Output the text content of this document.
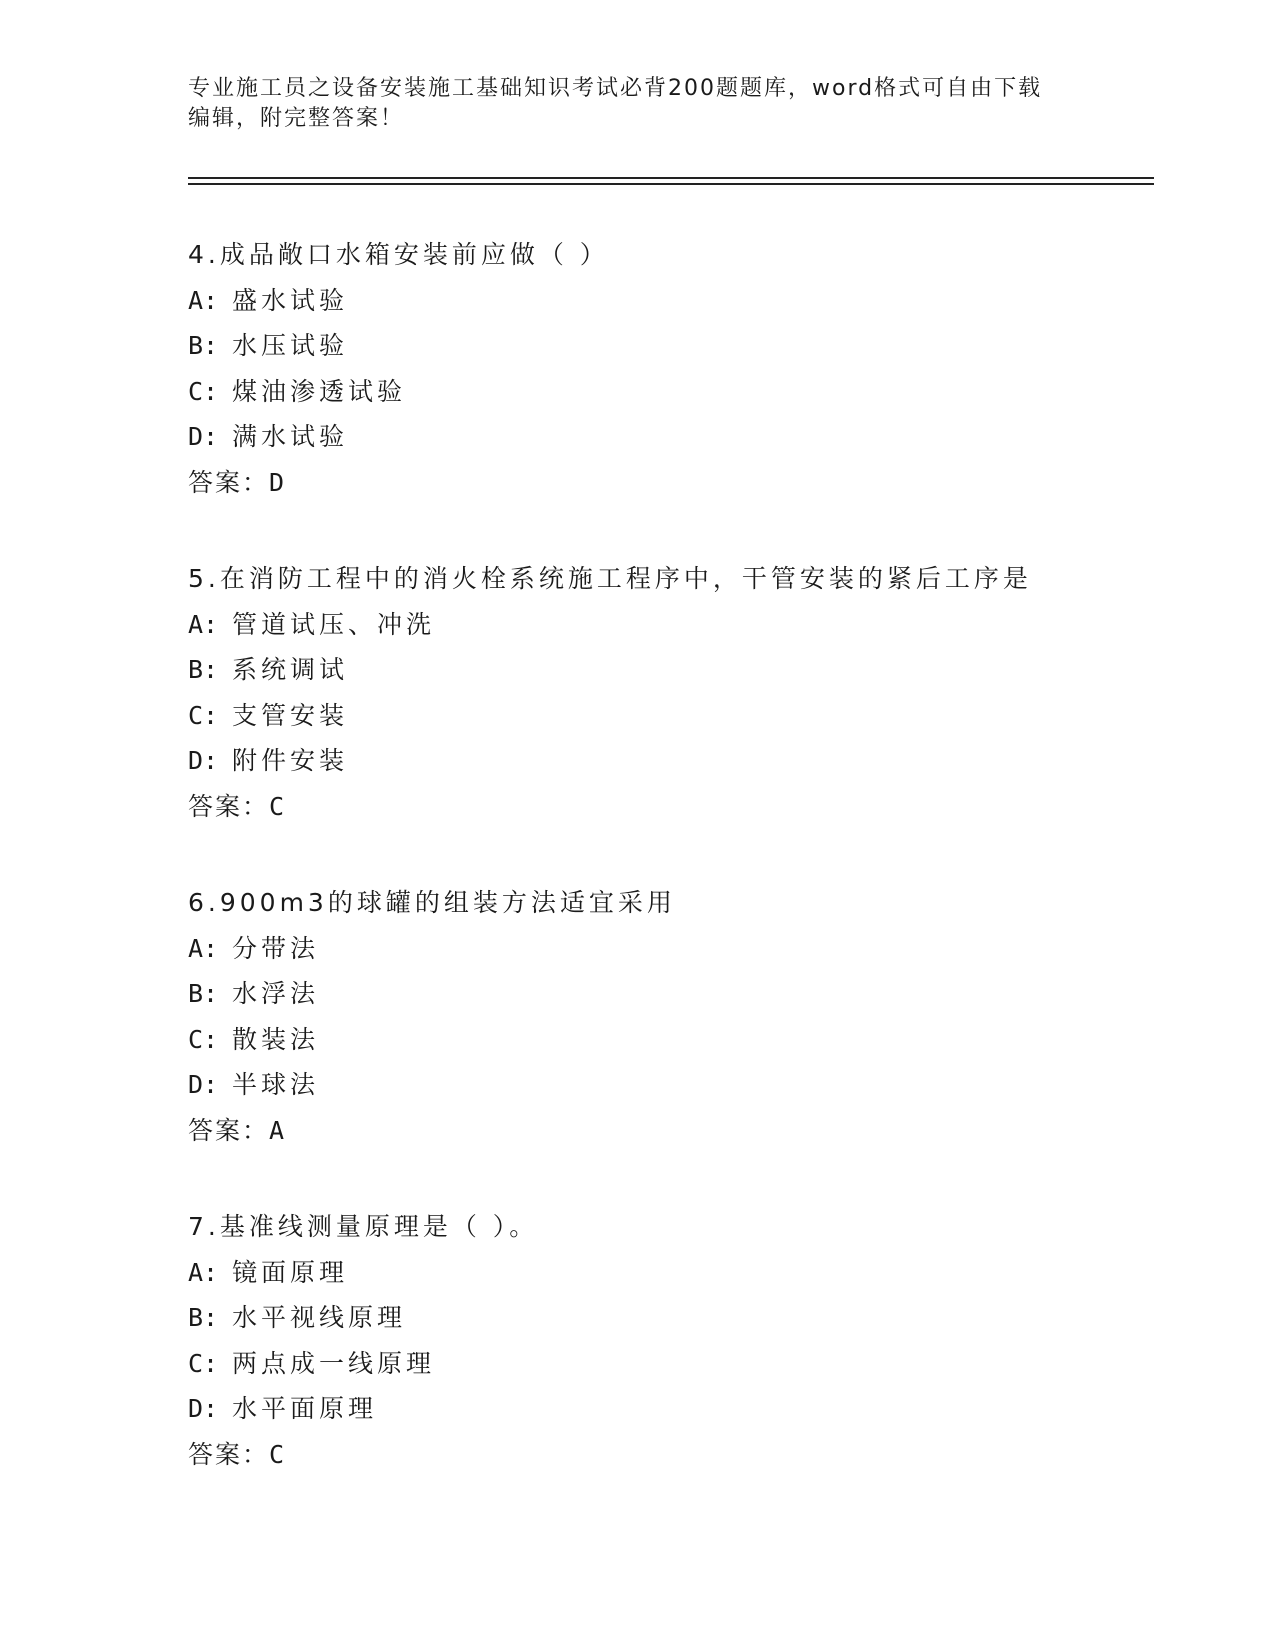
专业施工员之设备安装施工基础知识考试必背200题题库，word格式可自由下载
编辑，附完整答案！
4.成品敞口水箱安装前应做（ ）
A: 盛水试验
B: 水压试验
C: 煤油渗透试验
D: 满水试验
答案：D
5.在消防工程中的消火栓系统施工程序中，干管安装的紧后工序是
A: 管道试压、冲洗
B: 系统调试
C: 支管安装
D: 附件安装
答案：C
6.900m3的球罐的组装方法适宜采用
A: 分带法
B: 水浮法
C: 散装法
D: 半球法
答案：A
7.基准线测量原理是（ ）。
A: 镜面原理
B: 水平视线原理
C: 两点成一线原理
D: 水平面原理
答案：C
